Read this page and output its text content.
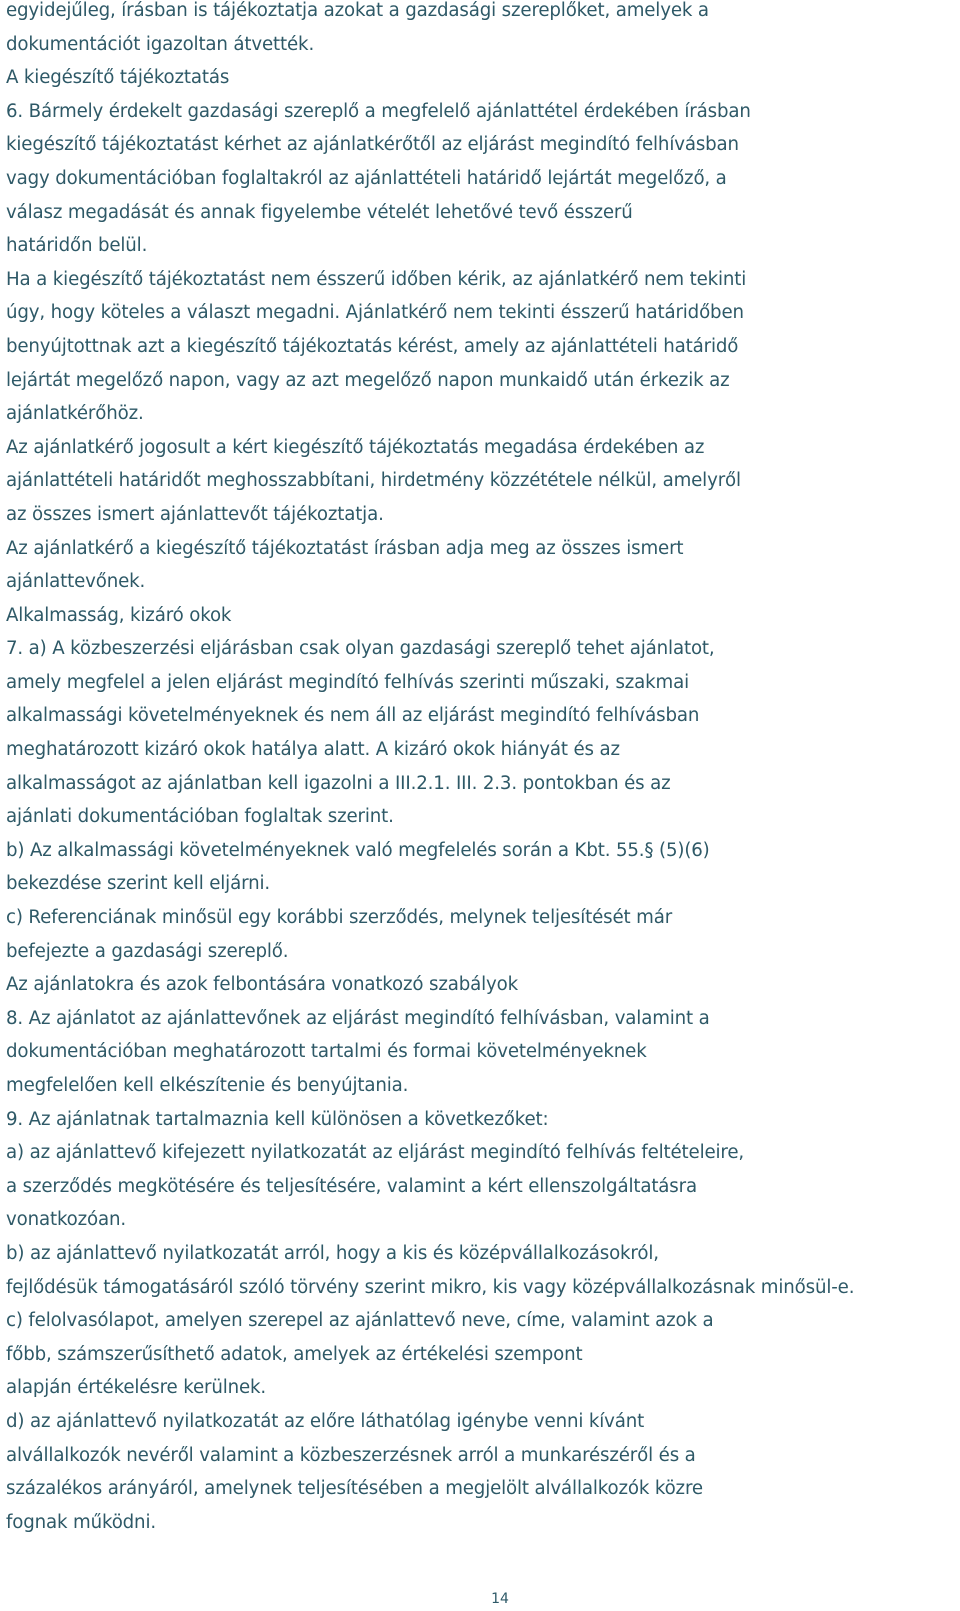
egyidejűleg, írásban is tájékoztatja azokat a gazdasági szereplőket, amelyek a
dokumentációt igazoltan átvették.
A kiegészítő tájékoztatás
6. Bármely érdekelt gazdasági szereplő a megfelelő ajánlattétel érdekében írásban
kiegészítő tájékoztatást kérhet az ajánlatkérőtől az eljárást megindító felhívásban
vagy dokumentációban foglaltakról az ajánlattételi határidő lejártát megelőző, a
válasz megadását és annak figyelembe vételét lehetővé tevő ésszerű
határidőn belül.
Ha a kiegészítő tájékoztatást nem ésszerű időben kérik, az ajánlatkérő nem tekinti
úgy, hogy köteles a választ megadni. Ajánlatkérő nem tekinti ésszerű határidőben
benyújtottnak azt a kiegészítő tájékoztatás kérést, amely az ajánlattételi határidő
lejártát megelőző napon, vagy az azt megelőző napon munkaidő után érkezik az
ajánlatkérőhöz.
Az ajánlatkérő jogosult a kért kiegészítő tájékoztatás megadása érdekében az
ajánlattételi határidőt meghosszabbítani, hirdetmény közzététele nélkül, amelyről
az összes ismert ajánlattevőt tájékoztatja.
Az ajánlatkérő a kiegészítő tájékoztatást írásban adja meg az összes ismert
ajánlattevőnek.
Alkalmasság, kizáró okok
7. a) A közbeszerzési eljárásban csak olyan gazdasági szereplő tehet ajánlatot,
amely megfelel a jelen eljárást megindító felhívás szerinti műszaki, szakmai
alkalmassági követelményeknek és nem áll az eljárást megindító felhívásban
meghatározott kizáró okok hatálya alatt. A kizáró okok hiányát és az
alkalmasságot az ajánlatban kell igazolni a III.2.1. III. 2.3. pontokban és az
ajánlati dokumentációban foglaltak szerint.
b) Az alkalmassági követelményeknek való megfelelés során a Kbt. 55.§ (5)(6)
bekezdése szerint kell eljárni.
c) Referenciának minősül egy korábbi szerződés, melynek teljesítését már
befejezte a gazdasági szereplő.
Az ajánlatokra és azok felbontására vonatkozó szabályok
8. Az ajánlatot az ajánlattevőnek az eljárást megindító felhívásban, valamint a
dokumentációban meghatározott tartalmi és formai követelményeknek
megfelelően kell elkészítenie és benyújtania.
9. Az ajánlatnak tartalmaznia kell különösen a következőket:
a) az ajánlattevő kifejezett nyilatkozatát az eljárást megindító felhívás feltételeire,
a szerződés megkötésére és teljesítésére, valamint a kért ellenszolgáltatásra
vonatkozóan.
b) az ajánlattevő nyilatkozatát arról, hogy a kis és középvállalkozásokról,
fejlődésük támogatásáról szóló törvény szerint mikro, kis vagy középvállalkozásnak minősül-e.
c) felolvasólapot, amelyen szerepel az ajánlattevő neve, címe, valamint azok a
főbb, számszerűsíthető adatok, amelyek az értékelési szempont
alapján értékelésre kerülnek.
d) az ajánlattevő nyilatkozatát az előre láthatólag igénybe venni kívánt
alvállalkozók nevéről valamint a közbeszerzésnek arról a munkarészéről és a
százalékos arányáról, amelynek teljesítésében a megjelölt alvállalkozók közre
fognak működni.
14
